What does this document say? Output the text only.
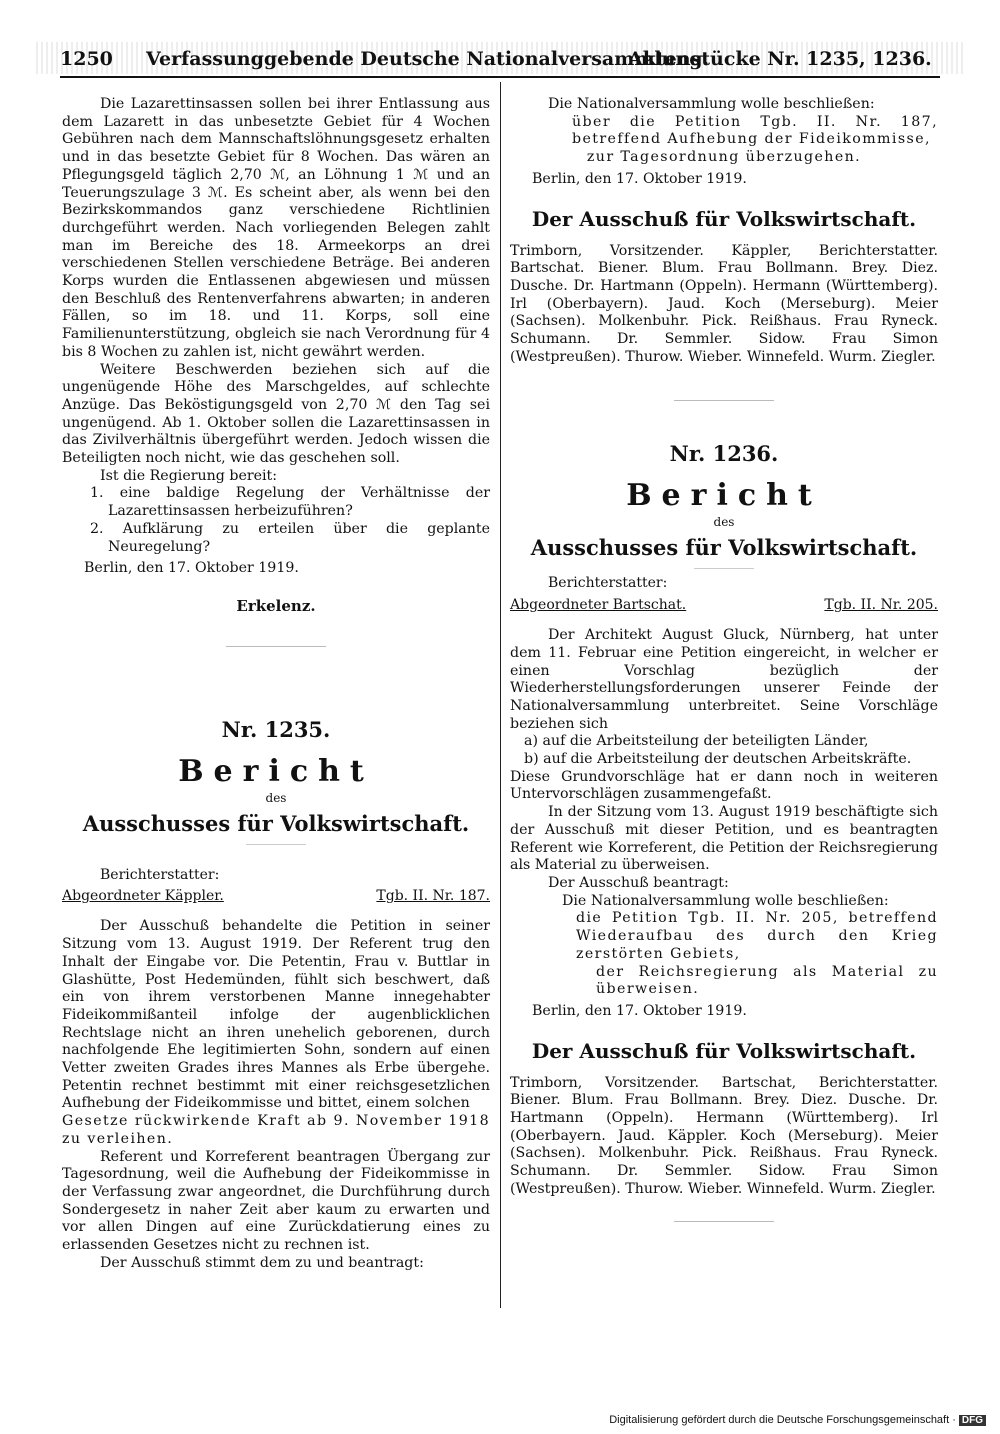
1250 Verfassunggebende Deutsche Nationalversammlung.
Aktenstücke Nr. 1235, 1236.

Die Lazarettinsassen sollen bei ihrer Entlassung aus dem Lazarett in das unbesetzte Gebiet für 4 Wochen Gebühren nach dem Mannschaftslöhnungsgesetz erhalten und in das besetzte Gebiet für 8 Wochen. Das wären an Pflegungsgeld täglich 2,70 ℳ, an Löhnung 1 ℳ und an Teuerungszulage 3 ℳ. Es scheint aber, als wenn bei den Bezirkskommandos ganz verschiedene Richtlinien durchgeführt werden. Nach vorliegenden Belegen zahlt man im Bereiche des 18. Armeekorps an drei verschiedenen Stellen verschiedene Beträge. Bei anderen Korps wurden die Entlassenen abgewiesen und müssen den Beschluß des Rentenverfahrens abwarten; in anderen Fällen, so im 18. und 11. Korps, soll eine Familienunterstützung, obgleich sie nach Verordnung für 4 bis 8 Wochen zu zahlen ist, nicht gewährt werden.

Weitere Beschwerden beziehen sich auf die ungenügende Höhe des Marschgeldes, auf schlechte Anzüge. Das Beköstigungsgeld von 2,70 ℳ den Tag sei ungenügend. Ab 1. Oktober sollen die Lazarettinsassen in das Zivilverhältnis übergeführt werden. Jedoch wissen die Beteiligten noch nicht, wie das geschehen soll.

Ist die Regierung bereit:

1. eine baldige Regelung der Verhältnisse der Lazarettinsassen herbeizuführen?

2. Aufklärung zu erteilen über die geplante Neuregelung?

Berlin, den 17. Oktober 1919.

Erkelenz.

Nr. 1235.
Bericht
des
Ausschusses für Volkswirtschaft.

Berichterstatter:

Abgeordneter Käppler.	Tgb. II. Nr. 187.

Der Ausschuß behandelte die Petition in seiner Sitzung vom 13. August 1919. Der Referent trug den Inhalt der Eingabe vor. Die Petentin, Frau v. Buttlar in Glashütte, Post Hedemünden, fühlt sich beschwert, daß ein von ihrem verstorbenen Manne innegehabter Fideikommißanteil infolge der augenblicklichen Rechtslage nicht an ihren unehelich geborenen, durch nachfolgende Ehe legitimierten Sohn, sondern auf einen Vetter zweiten Grades ihres Mannes als Erbe übergehe. Petentin rechnet bestimmt mit einer reichsgesetzlichen Aufhebung der Fideikommisse und bittet, einem solchen

Gesetze rückwirkende Kraft ab 9. November 1918 zu verleihen.

Referent und Korreferent beantragen Übergang zur Tagesordnung, weil die Aufhebung der Fideikommisse in der Verfassung zwar angeordnet, die Durchführung durch Sondergesetz in naher Zeit aber kaum zu erwarten und vor allen Dingen auf eine Zurückdatierung eines zu erlassenden Gesetzes nicht zu rechnen ist.

Der Ausschuß stimmt dem zu und beantragt:

Die Nationalversammlung wolle beschließen:

über die Petition Tgb. II. Nr. 187, betreffend Aufhebung der Fideikommisse,

zur Tagesordnung überzugehen.

Berlin, den 17. Oktober 1919.

Der Ausschuß für Volkswirtschaft.

Trimborn, Vorsitzender. Käppler, Berichterstatter. Bartschat. Biener. Blum. Frau Bollmann. Brey. Diez. Dusche. Dr. Hartmann (Oppeln). Hermann (Württemberg). Irl (Oberbayern). Jaud. Koch (Merseburg). Meier (Sachsen). Molkenbuhr. Pick. Reißhaus. Frau Ryneck. Schumann. Dr. Semmler. Sidow. Frau Simon (Westpreußen). Thurow. Wieber. Winnefeld. Wurm. Ziegler.

Nr. 1236.
Bericht
des
Ausschusses für Volkswirtschaft.

Berichterstatter:

Abgeordneter Bartschat.	Tgb. II. Nr. 205.

Der Architekt August Gluck, Nürnberg, hat unter dem 11. Februar eine Petition eingereicht, in welcher er einen Vorschlag bezüglich der Wiederherstellungsforderungen unserer Feinde der Nationalversammlung unterbreitet. Seine Vorschläge beziehen sich

a) auf die Arbeitsteilung der beteiligten Länder,

b) auf die Arbeitsteilung der deutschen Arbeitskräfte.

Diese Grundvorschläge hat er dann noch in weiteren Untervorschlägen zusammengefaßt.

In der Sitzung vom 13. August 1919 beschäftigte sich der Ausschuß mit dieser Petition, und es beantragten Referent wie Korreferent, die Petition der Reichsregierung als Material zu überweisen.

Der Ausschuß beantragt:

Die Nationalversammlung wolle beschließen:

die Petition Tgb. II. Nr. 205, betreffend Wiederaufbau des durch den Krieg zerstörten Gebiets,

der Reichsregierung als Material zu überweisen.

Berlin, den 17. Oktober 1919.

Der Ausschuß für Volkswirtschaft.

Trimborn, Vorsitzender. Bartschat, Berichterstatter. Biener. Blum. Frau Bollmann. Brey. Diez. Dusche. Dr. Hartmann (Oppeln). Hermann (Württemberg). Irl (Oberbayern. Jaud. Käppler. Koch (Merseburg). Meier (Sachsen). Molkenbuhr. Pick. Reißhaus. Frau Ryneck. Schumann. Dr. Semmler. Sidow. Frau Simon (Westpreußen). Thurow. Wieber. Winnefeld. Wurm. Ziegler.

Digitalisierung gefördert durch die Deutsche Forschungsgemeinschaft · DFG
